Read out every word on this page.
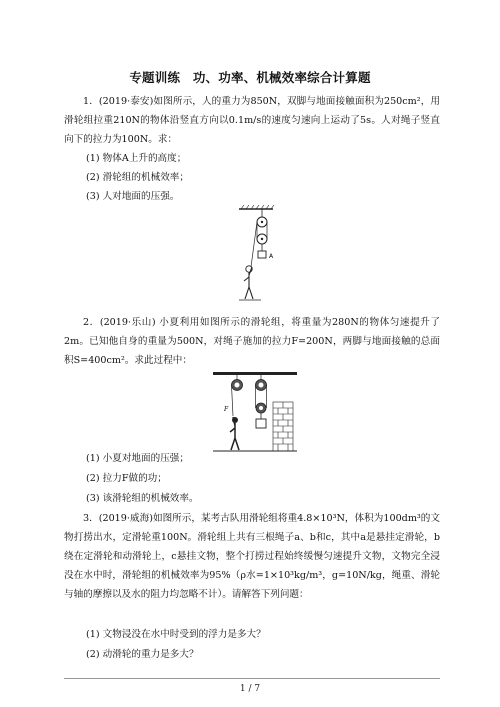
专题训练　功、功率、机械效率综合计算题
1．(2019·泰安)如图所示，人的重力为850N，双脚与地面接触面积为250cm²，用滑轮组拉重210N的物体沿竖直方向以0.1m/s的速度匀速向上运动了5s。人对绳子竖直向下的拉力为100N。求：
(1) 物体A上升的高度；
(2) 滑轮组的机械效率；
(3) 人对地面的压强。
A
2．(2019·乐山) 小夏利用如图所示的滑轮组，将重量为280N的物体匀速提升了2m。已知他自身的重量为500N，对绳子施加的拉力F=200N，两脚与地面接触的总面积S=400cm²。求此过程中：
F
(1) 小夏对地面的压强；
(2) 拉力F做的功；
(3) 该滑轮组的机械效率。
3．(2019·威海)如图所示，某考古队用滑轮组将重4.8×10³N，体积为100dm³的文物打捞出水，定滑轮重100N。滑轮组上共有三根绳子a、b和c，其中a是悬挂定滑轮，b绕在定滑轮和动滑轮上，c悬挂文物，整个打捞过程始终缓慢匀速提升文物，文物完全浸没在水中时，滑轮组的机械效率为95%（ρ水=1×10³kg/m³，g=10N/kg，绳重、滑轮与轴的摩擦以及水的阻力均忽略不计）。请解答下列问题：
(1) 文物浸没在水中时受到的浮力是多大？
(2) 动滑轮的重力是多大？
1 / 7
